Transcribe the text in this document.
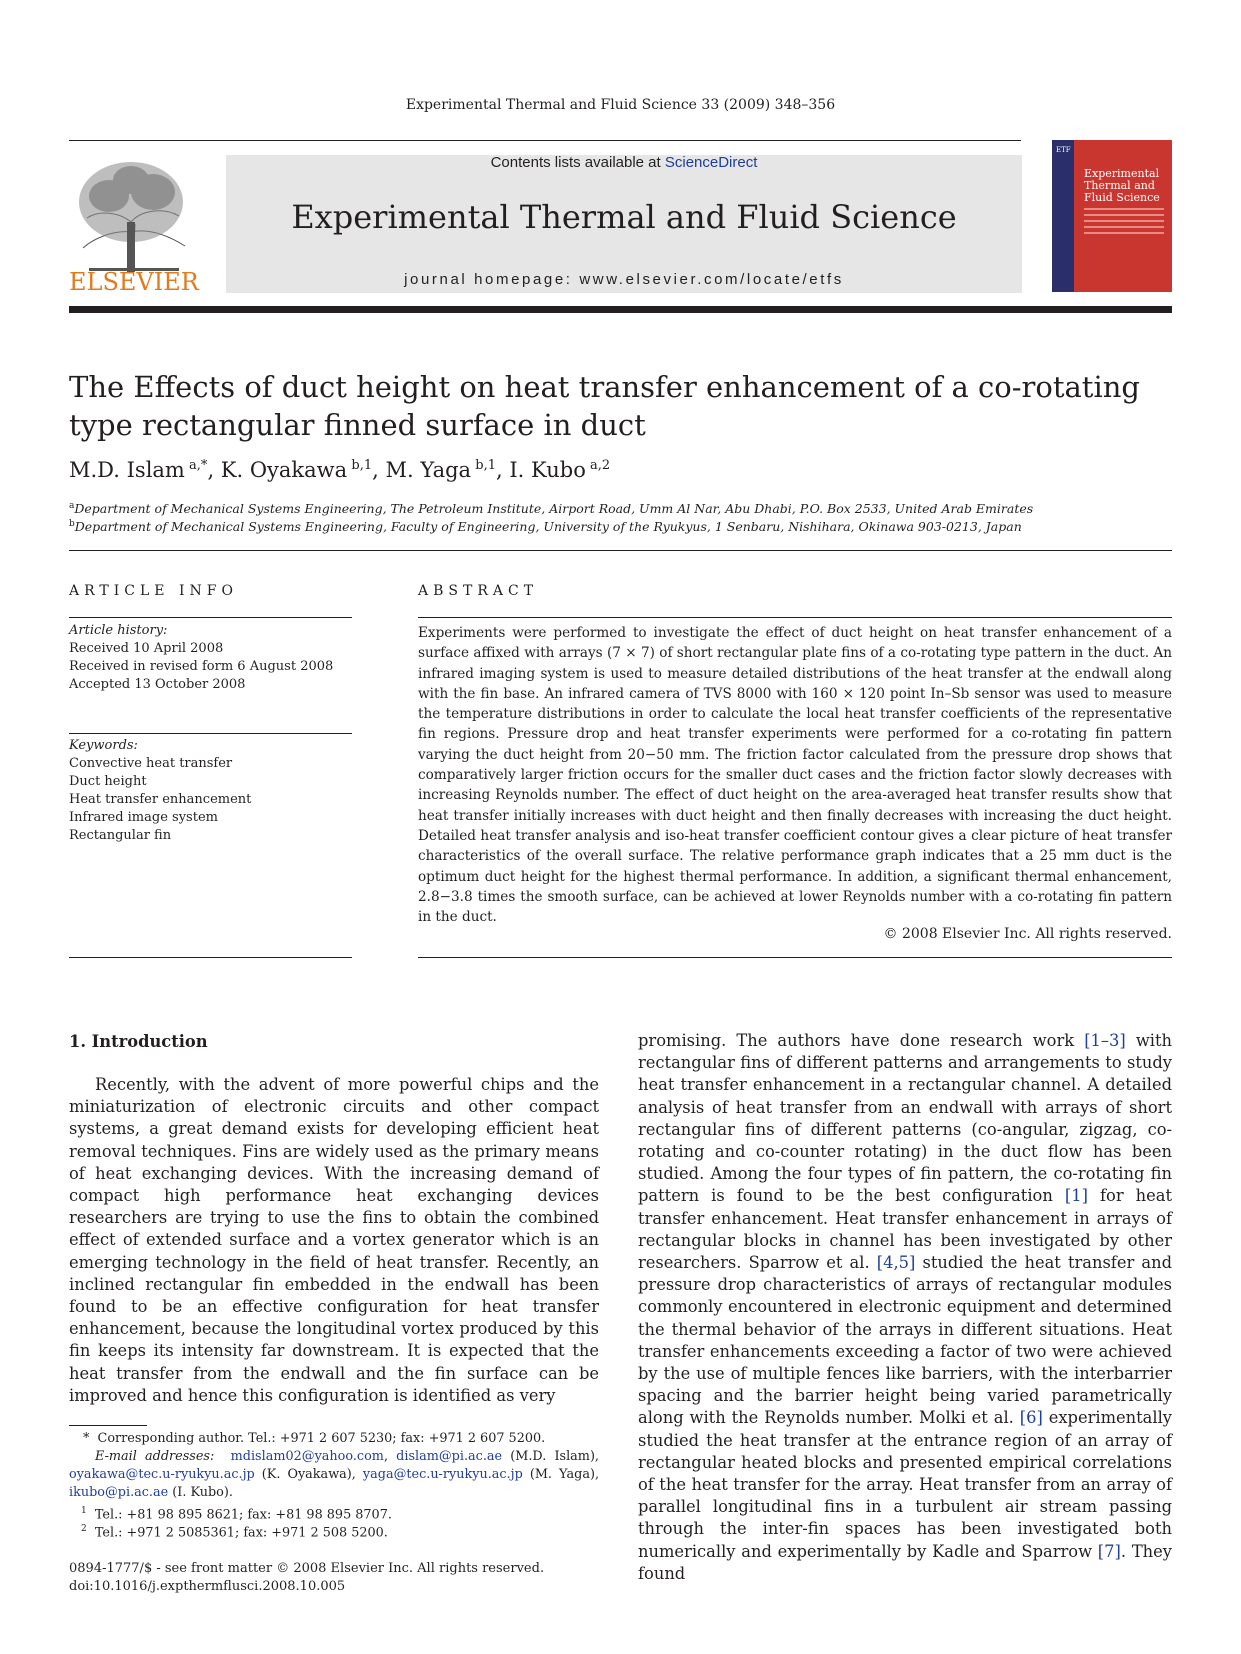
Experimental Thermal and Fluid Science 33 (2009) 348–356
ELSEVIER
Contents lists available at ScienceDirect
Experimental Thermal and Fluid Science
journal homepage: www.elsevier.com/locate/etfs
ETF
Experimental Thermal and Fluid Science
The Effects of duct height on heat transfer enhancement of a co-rotating type rectangular finned surface in duct
M.D. Islam  $^{a,*}$, K. Oyakawa  $^{b,1}$, M. Yaga  $^{b,1}$, I. Kubo  $^{a,2}$
$^a$Department of Mechanical Systems Engineering, The Petroleum Institute, Airport Road, Umm Al Nar, Abu Dhabi, P.O. Box 2533, United Arab Emirates
$^b$Department of Mechanical Systems Engineering, Faculty of Engineering, University of the Ryukyus, 1 Senbaru, Nishihara, Okinawa 903-0213, Japan
ARTICLE INFO
Article history:
Received 10 April 2008
Received in revised form 6 August 2008
Accepted 13 October 2008
Keywords:
Convective heat transfer
Duct height
Heat transfer enhancement
Infrared image system
Rectangular fin
ABSTRACT
Experiments were performed to investigate the effect of duct height on heat transfer enhancement of a surface affixed with arrays (7 × 7) of short rectangular plate fins of a co-rotating type pattern in the duct. An infrared imaging system is used to measure detailed distributions of the heat transfer at the endwall along with the fin base. An infrared camera of TVS 8000 with 160 × 120 point In–Sb sensor was used to measure the temperature distributions in order to calculate the local heat transfer coefficients of the representative fin regions. Pressure drop and heat transfer experiments were performed for a co-rotating fin pattern varying the duct height from 20−50 mm. The friction factor calculated from the pressure drop shows that comparatively larger friction occurs for the smaller duct cases and the friction factor slowly decreases with increasing Reynolds number. The effect of duct height on the area-averaged heat transfer results show that heat transfer initially increases with duct height and then finally decreases with increasing the duct height. Detailed heat transfer analysis and iso-heat transfer coefficient contour gives a clear picture of heat transfer characteristics of the overall surface. The relative performance graph indicates that a 25 mm duct is the optimum duct height for the highest thermal performance. In addition, a significant thermal enhancement, 2.8−3.8 times the smooth surface, can be achieved at lower Reynolds number with a co-rotating fin pattern in the duct.
© 2008 Elsevier Inc. All rights reserved.
1. Introduction
Recently, with the advent of more powerful chips and the miniaturization of electronic circuits and other compact systems, a great demand exists for developing efficient heat removal techniques. Fins are widely used as the primary means of heat exchanging devices. With the increasing demand of compact high performance heat exchanging devices researchers are trying to use the fins to obtain the combined effect of extended surface and a vortex generator which is an emerging technology in the field of heat transfer. Recently, an inclined rectangular fin embedded in the endwall has been found to be an effective configuration for heat transfer enhancement, because the longitudinal vortex produced by this fin keeps its intensity far downstream. It is expected that the heat transfer from the endwall and the fin surface can be improved and hence this configuration is identified as very
promising. The authors have done research work [1–3] with rectangular fins of different patterns and arrangements to study heat transfer enhancement in a rectangular channel. A detailed analysis of heat transfer from an endwall with arrays of short rectangular fins of different patterns (co-angular, zigzag, co-rotating and co-counter rotating) in the duct flow has been studied. Among the four types of fin pattern, the co-rotating fin pattern is found to be the best configuration [1] for heat transfer enhancement. Heat transfer enhancement in arrays of rectangular blocks in channel has been investigated by other researchers. Sparrow et al. [4,5] studied the heat transfer and pressure drop characteristics of arrays of rectangular modules commonly encountered in electronic equipment and determined the thermal behavior of the arrays in different situations. Heat transfer enhancements exceeding a factor of two were achieved by the use of multiple fences like barriers, with the interbarrier spacing and the barrier height being varied parametrically along with the Reynolds number. Molki et al. [6] experimentally studied the heat transfer at the entrance region of an array of rectangular heated blocks and presented empirical correlations of the heat transfer for the array. Heat transfer from an array of parallel longitudinal fins in a turbulent air stream passing through the inter-fin spaces has been investigated both numerically and experimentally by Kadle and Sparrow [7]. They found
* Corresponding author. Tel.: +971 2 607 5230; fax: +971 2 607 5200.
E-mail addresses: mdislam02@yahoo.com, dislam@pi.ac.ae (M.D. Islam), oyakawa@tec.u-ryukyu.ac.jp (K. Oyakawa), yaga@tec.u-ryukyu.ac.jp (M. Yaga), ikubo@pi.ac.ae (I. Kubo).
$^1$ Tel.: +81 98 895 8621; fax: +81 98 895 8707.
$^2$ Tel.: +971 2 5085361; fax: +971 2 508 5200.
0894-1777/$ - see front matter © 2008 Elsevier Inc. All rights reserved.
doi:10.1016/j.expthermflusci.2008.10.005
